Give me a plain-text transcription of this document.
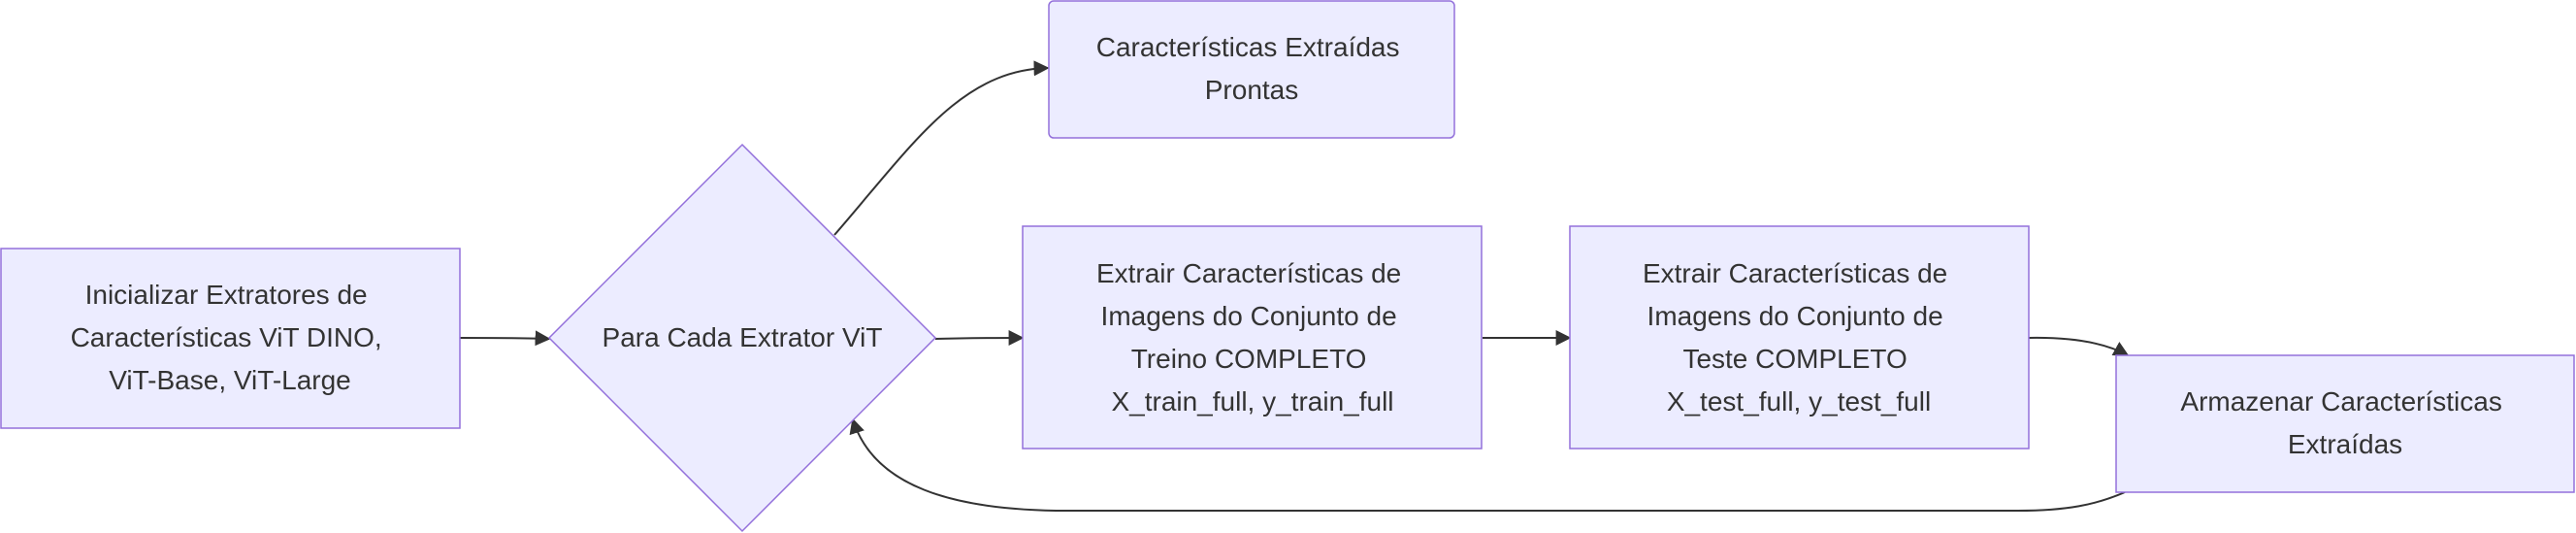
Inicializar Extratores de Características ViT DINO, ViT-Base, ViT-Large
Para Cada Extrator ViT
Características Extraídas Prontas
Extrair Características de Imagens do Conjunto de Treino COMPLETO X_train_full, y_train_full
Extrair Características de Imagens do Conjunto de Teste COMPLETO X_test_full, y_test_full	Armazenar Características Extraídas
